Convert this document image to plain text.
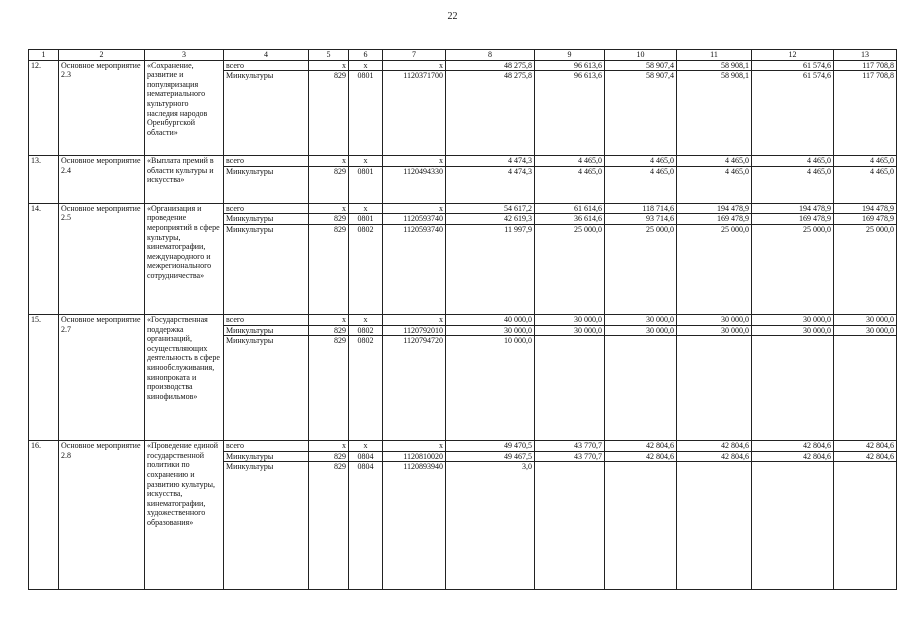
22
1	2	3	4	5	6	7	8	9	10	11	12	13
12.	Основное мероприятие 2.3	«Сохранение, развитие и популяризация нематериального культурного наследия народов Оренбургской области»	всего	х	х	х	48 275,8	96 613,6	58 907,4	58 908,1	61 574,6	117 708,8
			Минкультуры	829	0801	1120371700	48 275,8	96 613,6	58 907,4	58 908,1	61 574,6	117 708,8
13.	Основное мероприятие 2.4	«Выплата премий в области культуры и искусства»	всего	х	х	х	4 474,3	4 465,0	4 465,0	4 465,0	4 465,0	4 465,0
			Минкультуры	829	0801	1120494330	4 474,3	4 465,0	4 465,0	4 465,0	4 465,0	4 465,0
14.	Основное мероприятие 2.5	«Организация и проведение мероприятий в сфере культуры, кинематографии, международного и межрегионального сотрудничества»	всего	х	х	х	54 617,2	61 614,6	118 714,6	194 478,9	194 478,9	194 478,9
			Минкультуры	829	0801	1120593740	42 619,3	36 614,6	93 714,6	169 478,9	169 478,9	169 478,9
			Минкультуры	829	0802	1120593740	11 997,9	25 000,0	25 000,0	25 000,0	25 000,0	25 000,0
15.	Основное мероприятие 2.7	«Государственная поддержка организаций, осуществляющих деятельность в сфере кинообслуживания, кинопроката и производства кинофильмов»	всего	х	х	х	40 000,0	30 000,0	30 000,0	30 000,0	30 000,0	30 000,0
			Минкультуры	829	0802	1120792010	30 000,0	30 000,0	30 000,0	30 000,0	30 000,0	30 000,0
			Минкультуры	829	0802	1120794720	10 000,0					
16.	Основное мероприятие 2.8	«Проведение единой государственной политики по сохранению и развитию культуры, искусства, кинематографии, художественного образования»	всего	х	х	х	49 470,5	43 770,7	42 804,6	42 804,6	42 804,6	42 804,6
			Минкультуры	829	0804	1120810020	49 467,5	43 770,7	42 804,6	42 804,6	42 804,6	42 804,6
			Минкультуры	829	0804	1120893940	3,0					
